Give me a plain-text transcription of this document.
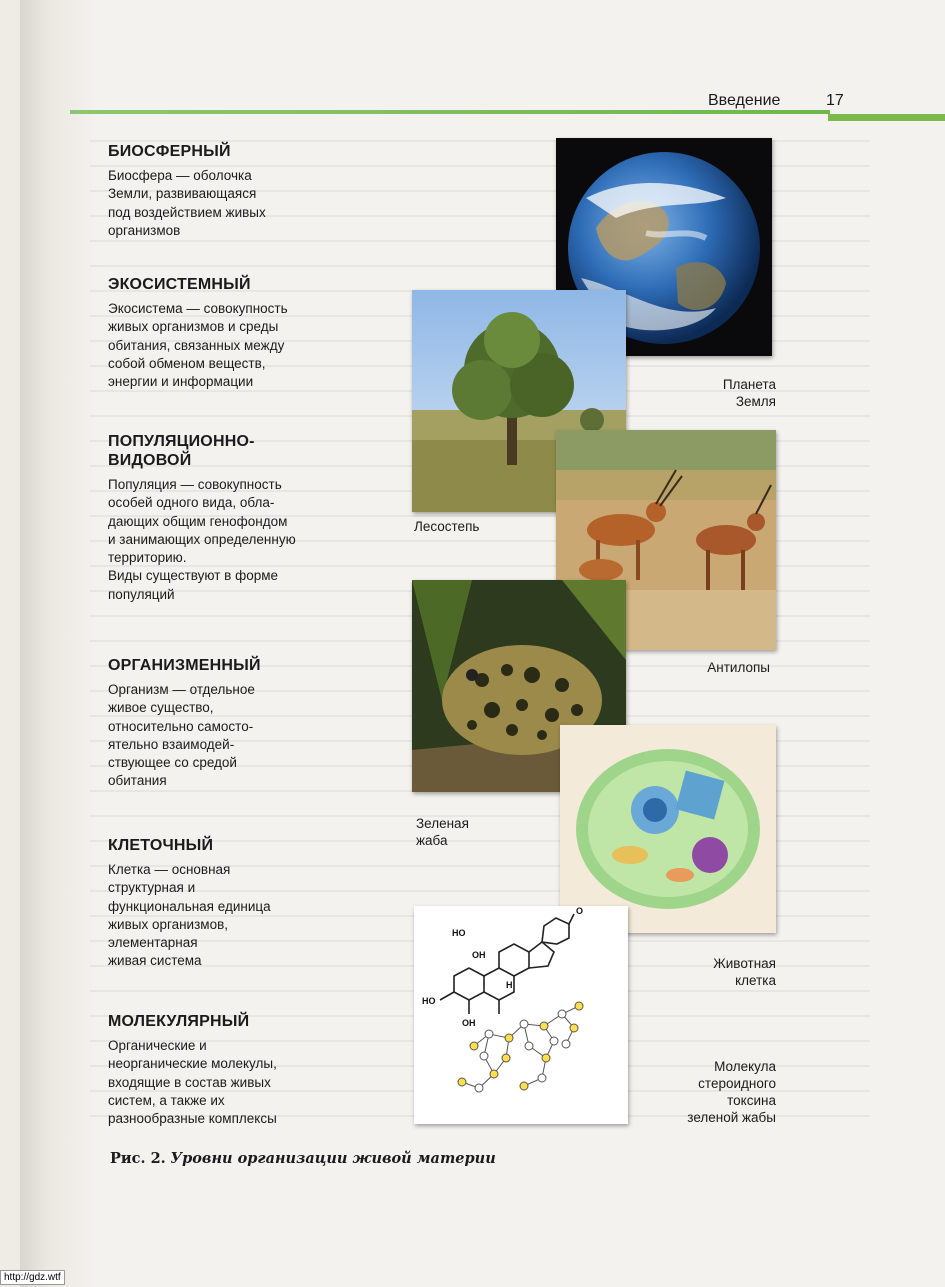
Введение	17
БИОСФЕРНЫЙ

Биосфера — оболочка
Земли, развивающаяся
под воздействием живых
организмов

ЭКОСИСТЕМНЫЙ

Экосистема — совокупность
живых организмов и среды
обитания, связанных между
собой обменом веществ,
энергии и информации

ПОПУЛЯЦИОННО-
ВИДОВОЙ

Популяция — совокупность
особей одного вида, обла-
дающих общим генофондом
и занимающих определенную
территорию.
Виды существуют в форме
популяций

ОРГАНИЗМЕННЫЙ

Организм — отдельное
живое существо,
относительно самосто-
ятельно взаимодей-
ствующее со средой
обитания

КЛЕТОЧНЫЙ

Клетка — основная
структурная и
функциональная единица
живых организмов,
элементарная
живая система

МОЛЕКУЛЯРНЫЙ

Органические и
неорганические молекулы,
входящие в состав живых
систем, а также их
разнообразные комплексы

HO
OH
H
HO
OH
O
Планета
Земля
Лесостепь
Антилопы
Зеленая
жаба
Животная
клетка
Молекула
стероидного
токсина
зеленой жабы
Рис. 2. Уровни организации живой материи
http://gdz.wtf
